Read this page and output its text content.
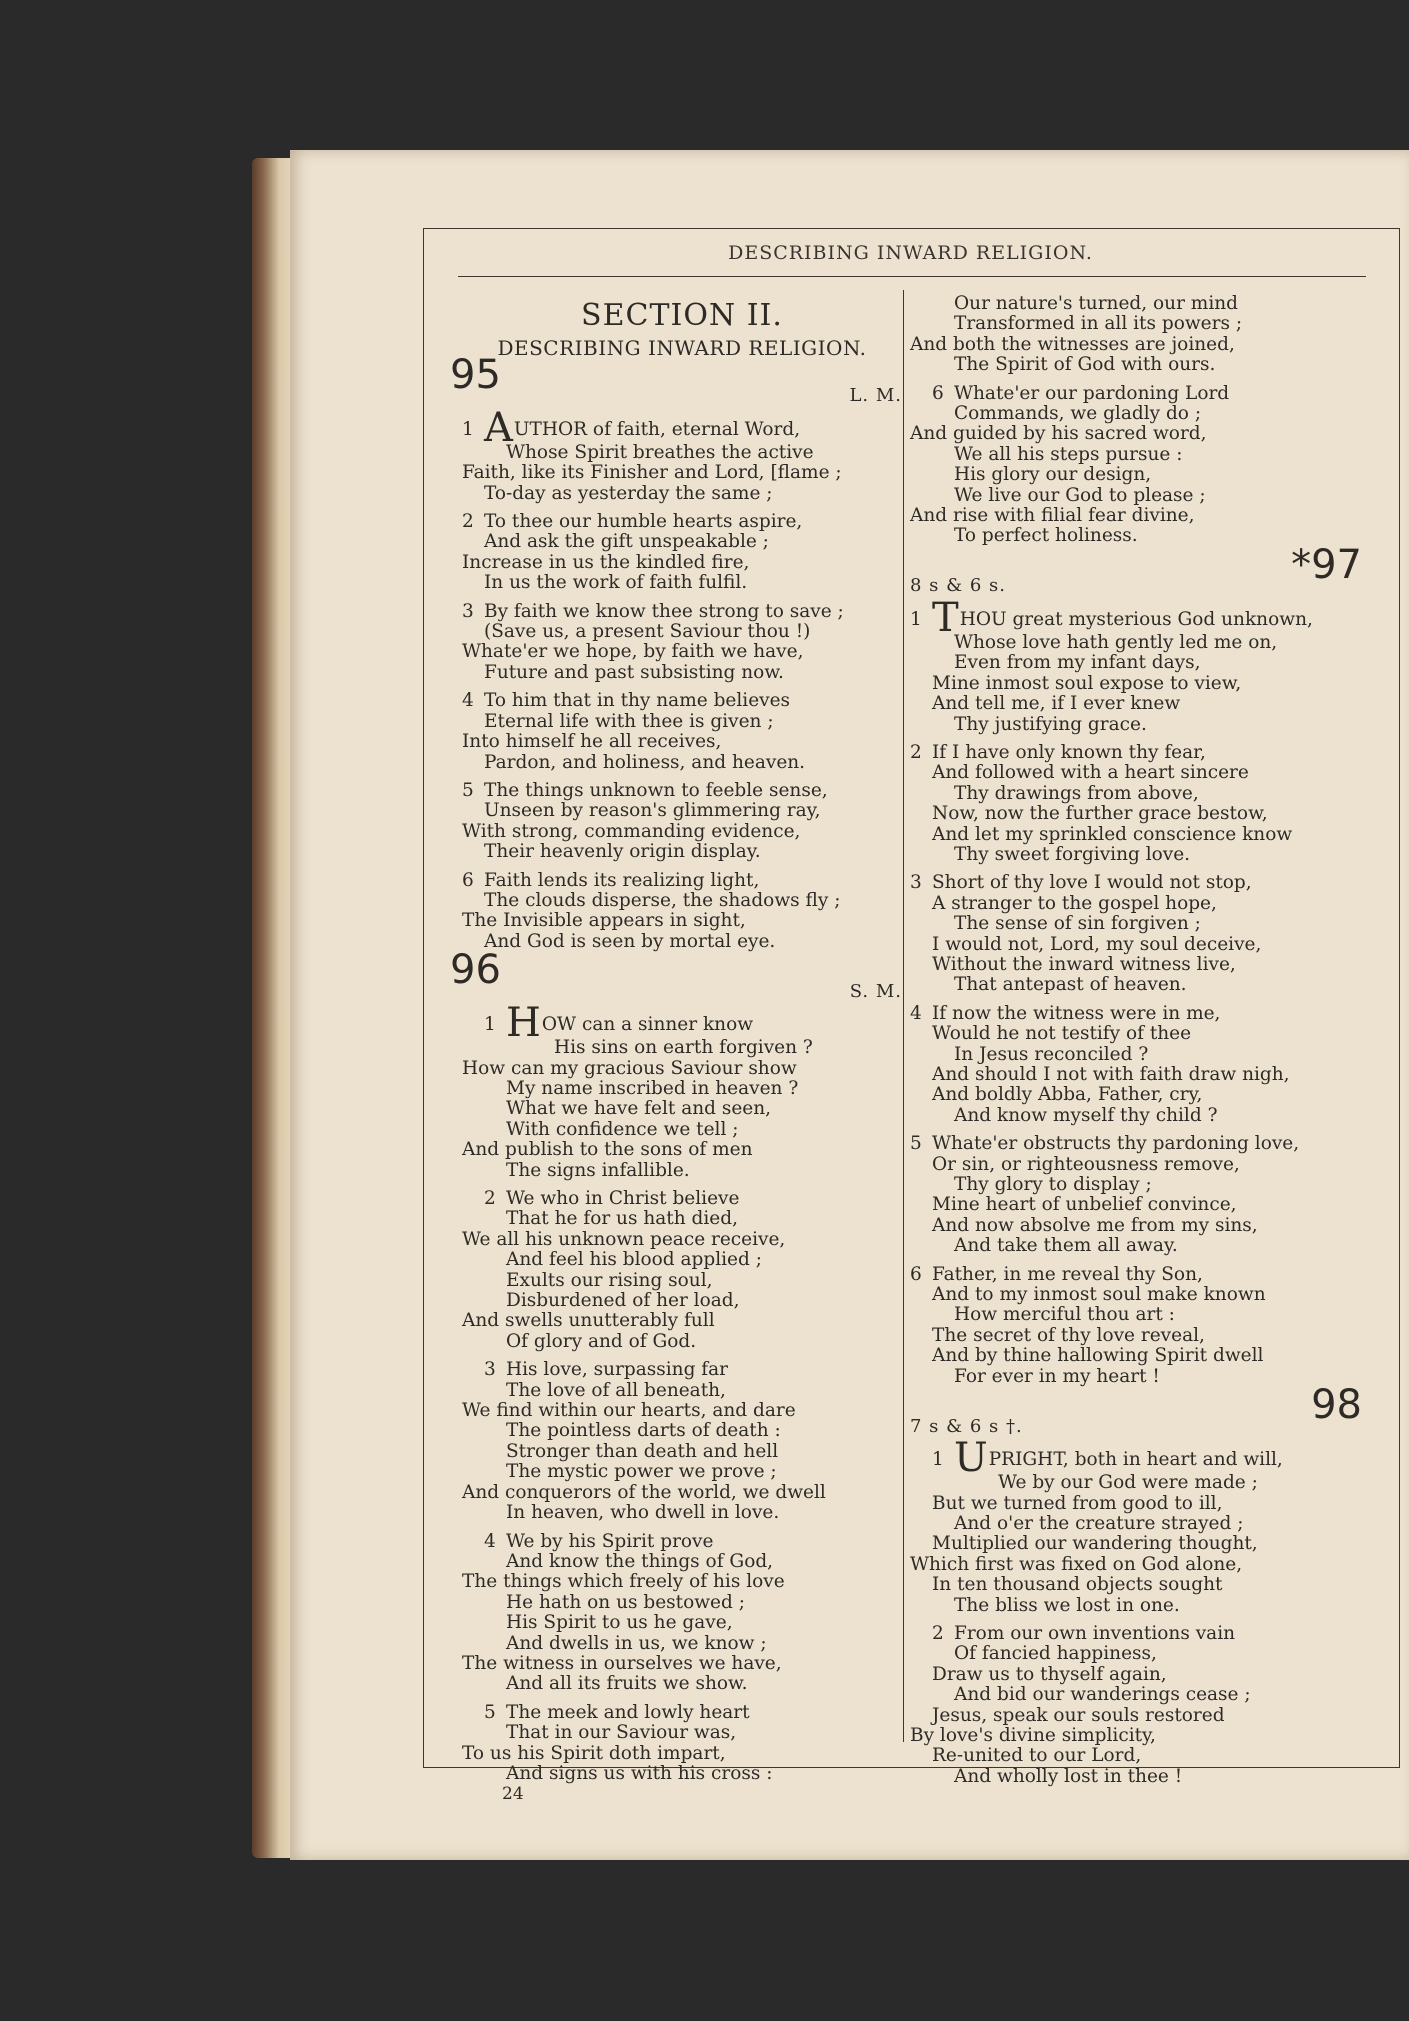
DESCRIBING INWARD RELIGION.
SECTION II.
DESCRIBING INWARD RELIGION.
95	L. M.
1 AUTHOR of faith, eternal Word,
Whose Spirit breathes the active
Faith, like its Finisher and Lord, [flame ;
To-day as yesterday the same ;
2 To thee our humble hearts aspire,
And ask the gift unspeakable ;
Increase in us the kindled fire,
In us the work of faith fulfil.
3 By faith we know thee strong to save ;
(Save us, a present Saviour thou !)
Whate'er we hope, by faith we have,
Future and past subsisting now.
4 To him that in thy name believes
Eternal life with thee is given ;
Into himself he all receives,
Pardon, and holiness, and heaven.
5 The things unknown to feeble sense,
Unseen by reason's glimmering ray,
With strong, commanding evidence,
Their heavenly origin display.
6 Faith lends its realizing light,
The clouds disperse, the shadows fly ;
The Invisible appears in sight,
And God is seen by mortal eye.
96	S. M.
1 HOW can a sinner know
His sins on earth forgiven ?
How can my gracious Saviour show
My name inscribed in heaven ?
What we have felt and seen,
With confidence we tell ;
And publish to the sons of men
The signs infallible.
2 We who in Christ believe
That he for us hath died,
We all his unknown peace receive,
And feel his blood applied ;
Exults our rising soul,
Disburdened of her load,
And swells unutterably full
Of glory and of God.
3 His love, surpassing far
The love of all beneath,
We find within our hearts, and dare
The pointless darts of death :
Stronger than death and hell
The mystic power we prove ;
And conquerors of the world, we dwell
In heaven, who dwell in love.
4 We by his Spirit prove
And know the things of God,
The things which freely of his love
He hath on us bestowed ;
His Spirit to us he gave,
And dwells in us, we know ;
The witness in ourselves we have,
And all its fruits we show.
5 The meek and lowly heart
That in our Saviour was,
To us his Spirit doth impart,
And signs us with his cross :
24
Our nature's turned, our mind
Transformed in all its powers ;
And both the witnesses are joined,
The Spirit of God with ours.
6 Whate'er our pardoning Lord
Commands, we gladly do ;
And guided by his sacred word,
We all his steps pursue :
His glory our design,
We live our God to please ;
And rise with filial fear divine,
To perfect holiness.
8 s & 6 s.	*97
1 THOU great mysterious God unknown,
Whose love hath gently led me on,
Even from my infant days,
Mine inmost soul expose to view,
And tell me, if I ever knew
Thy justifying grace.
2 If I have only known thy fear,
And followed with a heart sincere
Thy drawings from above,
Now, now the further grace bestow,
And let my sprinkled conscience know
Thy sweet forgiving love.
3 Short of thy love I would not stop,
A stranger to the gospel hope,
The sense of sin forgiven ;
I would not, Lord, my soul deceive,
Without the inward witness live,
That antepast of heaven.
4 If now the witness were in me,
Would he not testify of thee
In Jesus reconciled ?
And should I not with faith draw nigh,
And boldly Abba, Father, cry,
And know myself thy child ?
5 Whate'er obstructs thy pardoning love,
Or sin, or righteousness remove,
Thy glory to display ;
Mine heart of unbelief convince,
And now absolve me from my sins,
And take them all away.
6 Father, in me reveal thy Son,
And to my inmost soul make known
How merciful thou art :
The secret of thy love reveal,
And by thine hallowing Spirit dwell
For ever in my heart !
7 s & 6 s †.	98
1 UPRIGHT, both in heart and will,
We by our God were made ;
But we turned from good to ill,
And o'er the creature strayed ;
Multiplied our wandering thought,
Which first was fixed on God alone,
In ten thousand objects sought
The bliss we lost in one.
2 From our own inventions vain
Of fancied happiness,
Draw us to thyself again,
And bid our wanderings cease ;
Jesus, speak our souls restored
By love's divine simplicity,
Re-united to our Lord,
And wholly lost in thee !
